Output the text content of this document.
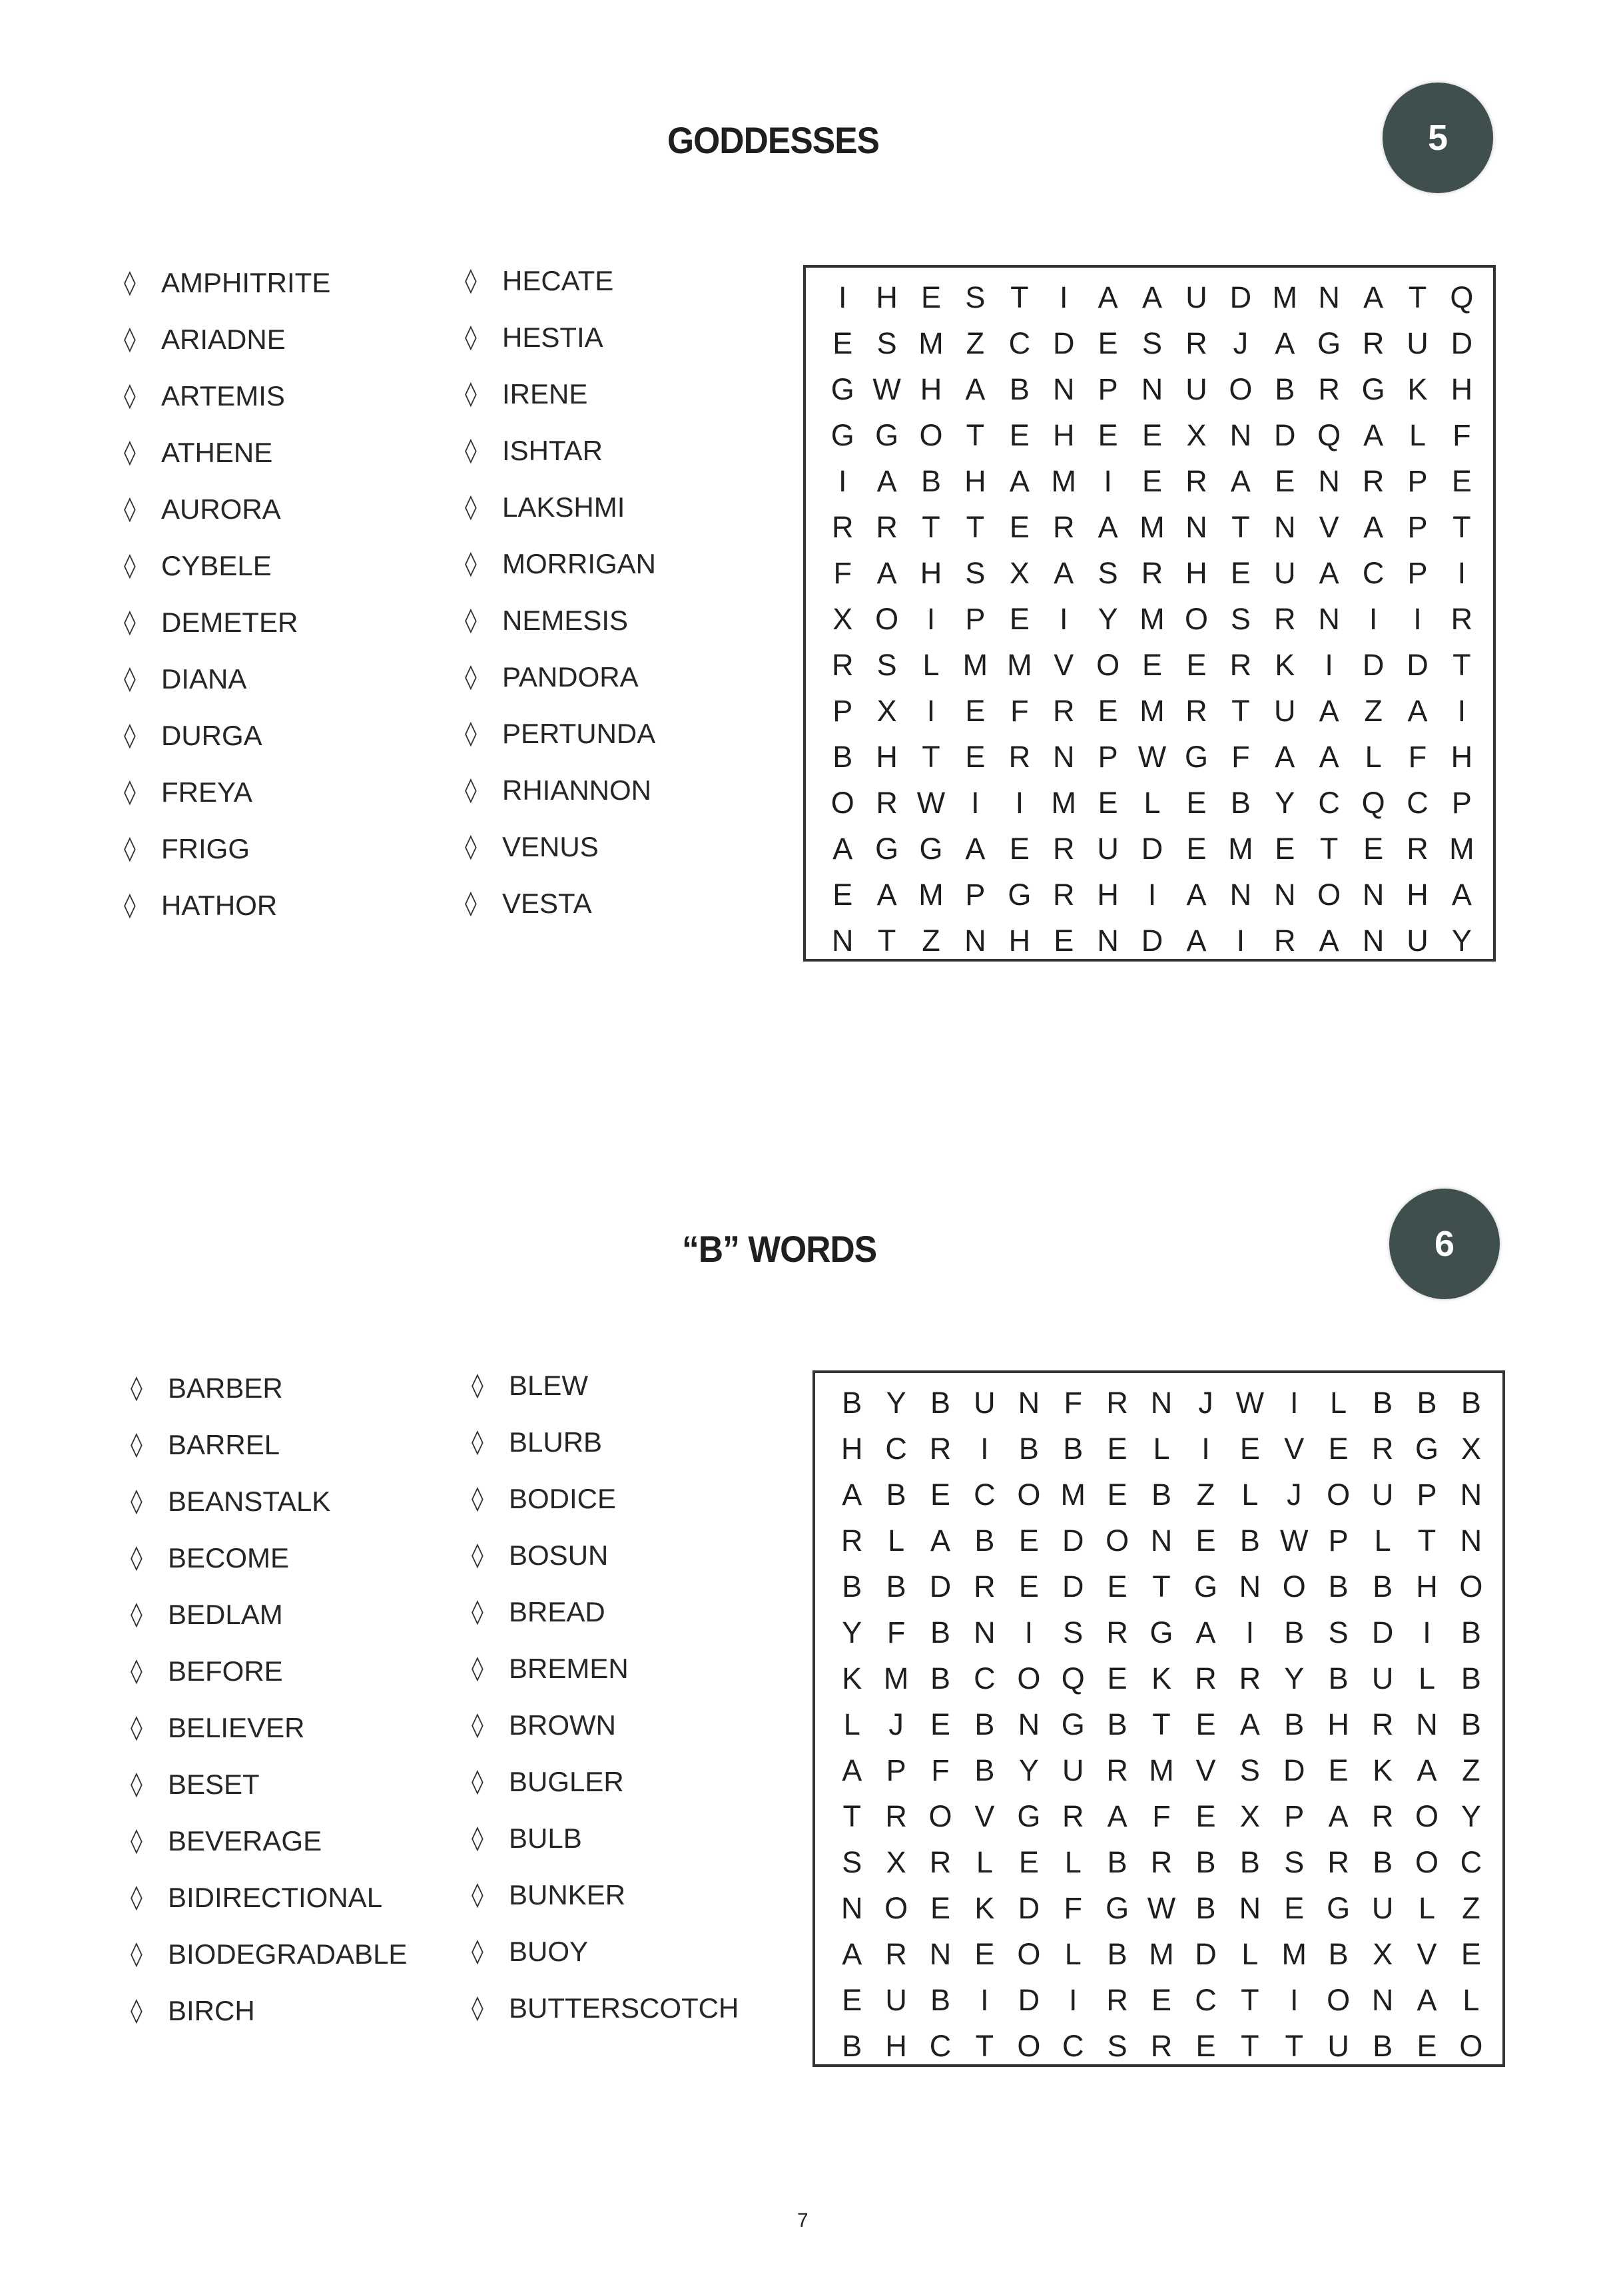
GODDESSES	5
◊ AMPHITRITE
◊ ARIADNE
◊ ARTEMIS
◊ ATHENE
◊ AURORA
◊ CYBELE
◊ DEMETER
◊ DIANA
◊ DURGA
◊ FREYA
◊ FRIGG
◊ HATHOR
◊ HECATE
◊ HESTIA
◊ IRENE
◊ ISHTAR
◊ LAKSHMI
◊ MORRIGAN
◊ NEMESIS
◊ PANDORA
◊ PERTUNDA
◊ RHIANNON
◊ VENUS
◊ VESTA
I H E S T	I	A A U D M N A T Q
E S M Z C D E S R J A G R U D
G W H A B N P N U O B R G K H
G G O T E H E E X N D Q A L F
I	A B H A M I	E R A E N R P E
R R T T E R A M N T N V A P T
F A H S X A S R H E U A C P	I
X O I	P E	I	Y M O S R N I	I R
R S L M M V O E E R K	I D D T
P X	I	E F R E M R T U A Z A	I
B H T E R N P W G F A A L F H
O R W I	I M E L E B Y C Q C P
A G G A E R U D E M E T E R M
E A M P G R H I	A N N O N H A
N T Z N H E N D A	I R A N U Y
“B” WORDS	6
◊ BARBER
◊ BARREL
◊ BEANSTALK
◊ BECOME
◊ BEDLAM
◊ BEFORE
◊ BELIEVER
◊ BESET
◊ BEVERAGE
◊ BIDIRECTIONAL
◊ BIODEGRADABLE
◊ BIRCH
◊ BLEW
◊ BLURB
◊ BODICE
◊ BOSUN
◊ BREAD
◊ BREMEN
◊ BROWN
◊ BUGLER
◊ BULB
◊ BUNKER
◊ BUOY
◊ BUTTERSCOTCH
B Y B U N F R N J W I	L B B B
H C R I	B B E L	I	E V E R G X
A B E C O M E B Z L J O U P N
R L A B E D O N E B W P L T N
B B D R E D E T G N O B B H O
Y F B N I	S R G A	I	B S D I	B
K M B C O Q E K R R Y B U L B
L J E B N G B T E A B H R N B
A P F B Y U R M V S D E K A Z
T R O V G R A F E X P A R O Y
S X R L E L B R B B S R B O C
N O E K D F G W B N E G U L Z
A R N E O L B M D L M B X V E
E U B	I D I R E C T	I O N A L
B H C T O C S R E T T U B E O
7
